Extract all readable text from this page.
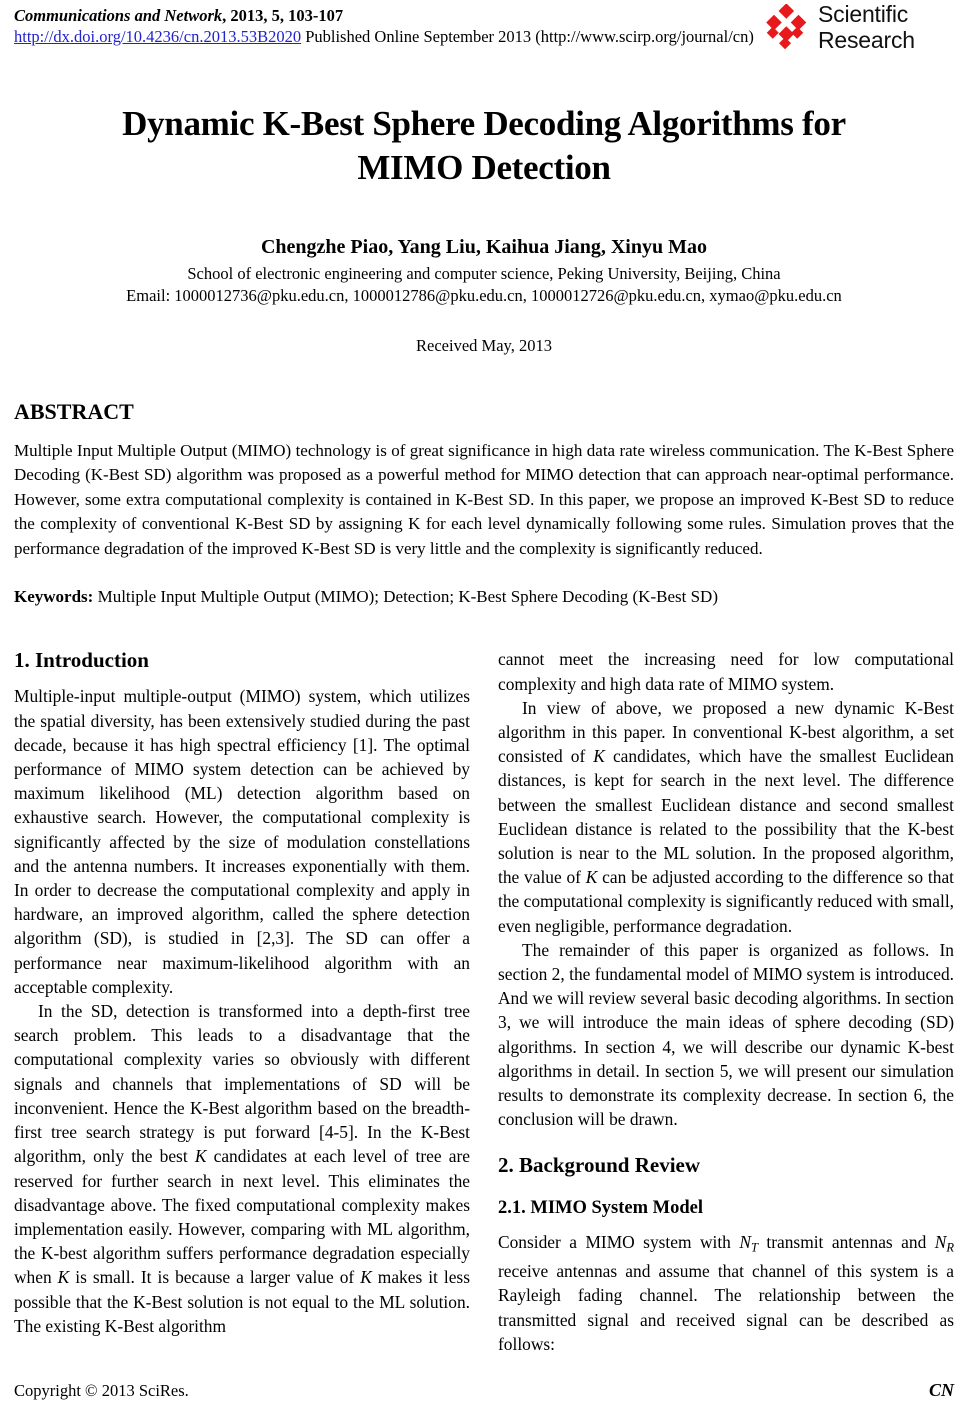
Communications and Network, 2013, 5, 103-107
http://dx.doi.org/10.4236/cn.2013.53B2020 Published Online September 2013 (http://www.scirp.org/journal/cn)
Scientific
Research
Dynamic K-Best Sphere Decoding Algorithms for MIMO Detection
Chengzhe Piao, Yang Liu, Kaihua Jiang, Xinyu Mao
School of electronic engineering and computer science, Peking University, Beijing, China
Email: 1000012736@pku.edu.cn, 1000012786@pku.edu.cn, 1000012726@pku.edu.cn, xymao@pku.edu.cn
Received May, 2013
ABSTRACT
Multiple Input Multiple Output (MIMO) technology is of great significance in high data rate wireless communication. The K-Best Sphere Decoding (K-Best SD) algorithm was proposed as a powerful method for MIMO detection that can approach near-optimal performance. However, some extra computational complexity is contained in K-Best SD. In this paper, we propose an improved K-Best SD to reduce the complexity of conventional K-Best SD by assigning K for each level dynamically following some rules. Simulation proves that the performance degradation of the improved K-Best SD is very little and the complexity is significantly reduced.
Keywords: Multiple Input Multiple Output (MIMO); Detection; K-Best Sphere Decoding (K-Best SD)
1. Introduction

Multiple-input multiple-output (MIMO) system, which utilizes the spatial diversity, has been extensively studied during the past decade, because it has high spectral efficiency [1]. The optimal performance of MIMO system detection can be achieved by maximum likelihood (ML) detection algorithm based on exhaustive search. However, the computational complexity is significantly affected by the size of modulation constellations and the antenna numbers. It increases exponentially with them. In order to decrease the computational complexity and apply in hardware, an improved algorithm, called the sphere detection algorithm (SD), is studied in [2,3]. The SD can offer a performance near maximum-likelihood algorithm with an acceptable complexity.

In the SD, detection is transformed into a depth-first tree search problem. This leads to a disadvantage that the computational complexity varies so obviously with different signals and channels that implementations of SD will be inconvenient. Hence the K-Best algorithm based on the breadth-first tree search strategy is put forward [4-5]. In the K-Best algorithm, only the best K candidates at each level of tree are reserved for further search in next level. This eliminates the disadvantage above. The fixed computational complexity makes implementation easily. However, comparing with ML algorithm, the K-best algorithm suffers performance degradation especially when K is small. It is because a larger value of K makes it less possible that the K-Best solution is not equal to the ML solution. The existing K-Best algorithm

cannot meet the increasing need for low computational complexity and high data rate of MIMO system.

In view of above, we proposed a new dynamic K-Best algorithm in this paper. In conventional K-best algorithm, a set consisted of K candidates, which have the smallest Euclidean distances, is kept for search in the next level. The difference between the smallest Euclidean distance and second smallest Euclidean distance is related to the possibility that the K-best solution is near to the ML solution. In the proposed algorithm, the value of K can be adjusted according to the difference so that the computational complexity is significantly reduced with small, even negligible, performance degradation.

The remainder of this paper is organized as follows. In section 2, the fundamental model of MIMO system is introduced. And we will review several basic decoding algorithms. In section 3, we will introduce the main ideas of sphere decoding (SD) algorithms. In section 4, we will describe our dynamic K-best algorithms in detail. In section 5, we will present our simulation results to demonstrate its complexity decrease. In section 6, the conclusion will be drawn.

2. Background Review
2.1. MIMO System Model

Consider a MIMO system with $N_T$ transmit antennas and $N_R$ receive antennas and assume that channel of this system is a Rayleigh fading channel. The relationship between the transmitted signal and received signal can be described as follows:

Copyright © 2013 SciRes.	CN
